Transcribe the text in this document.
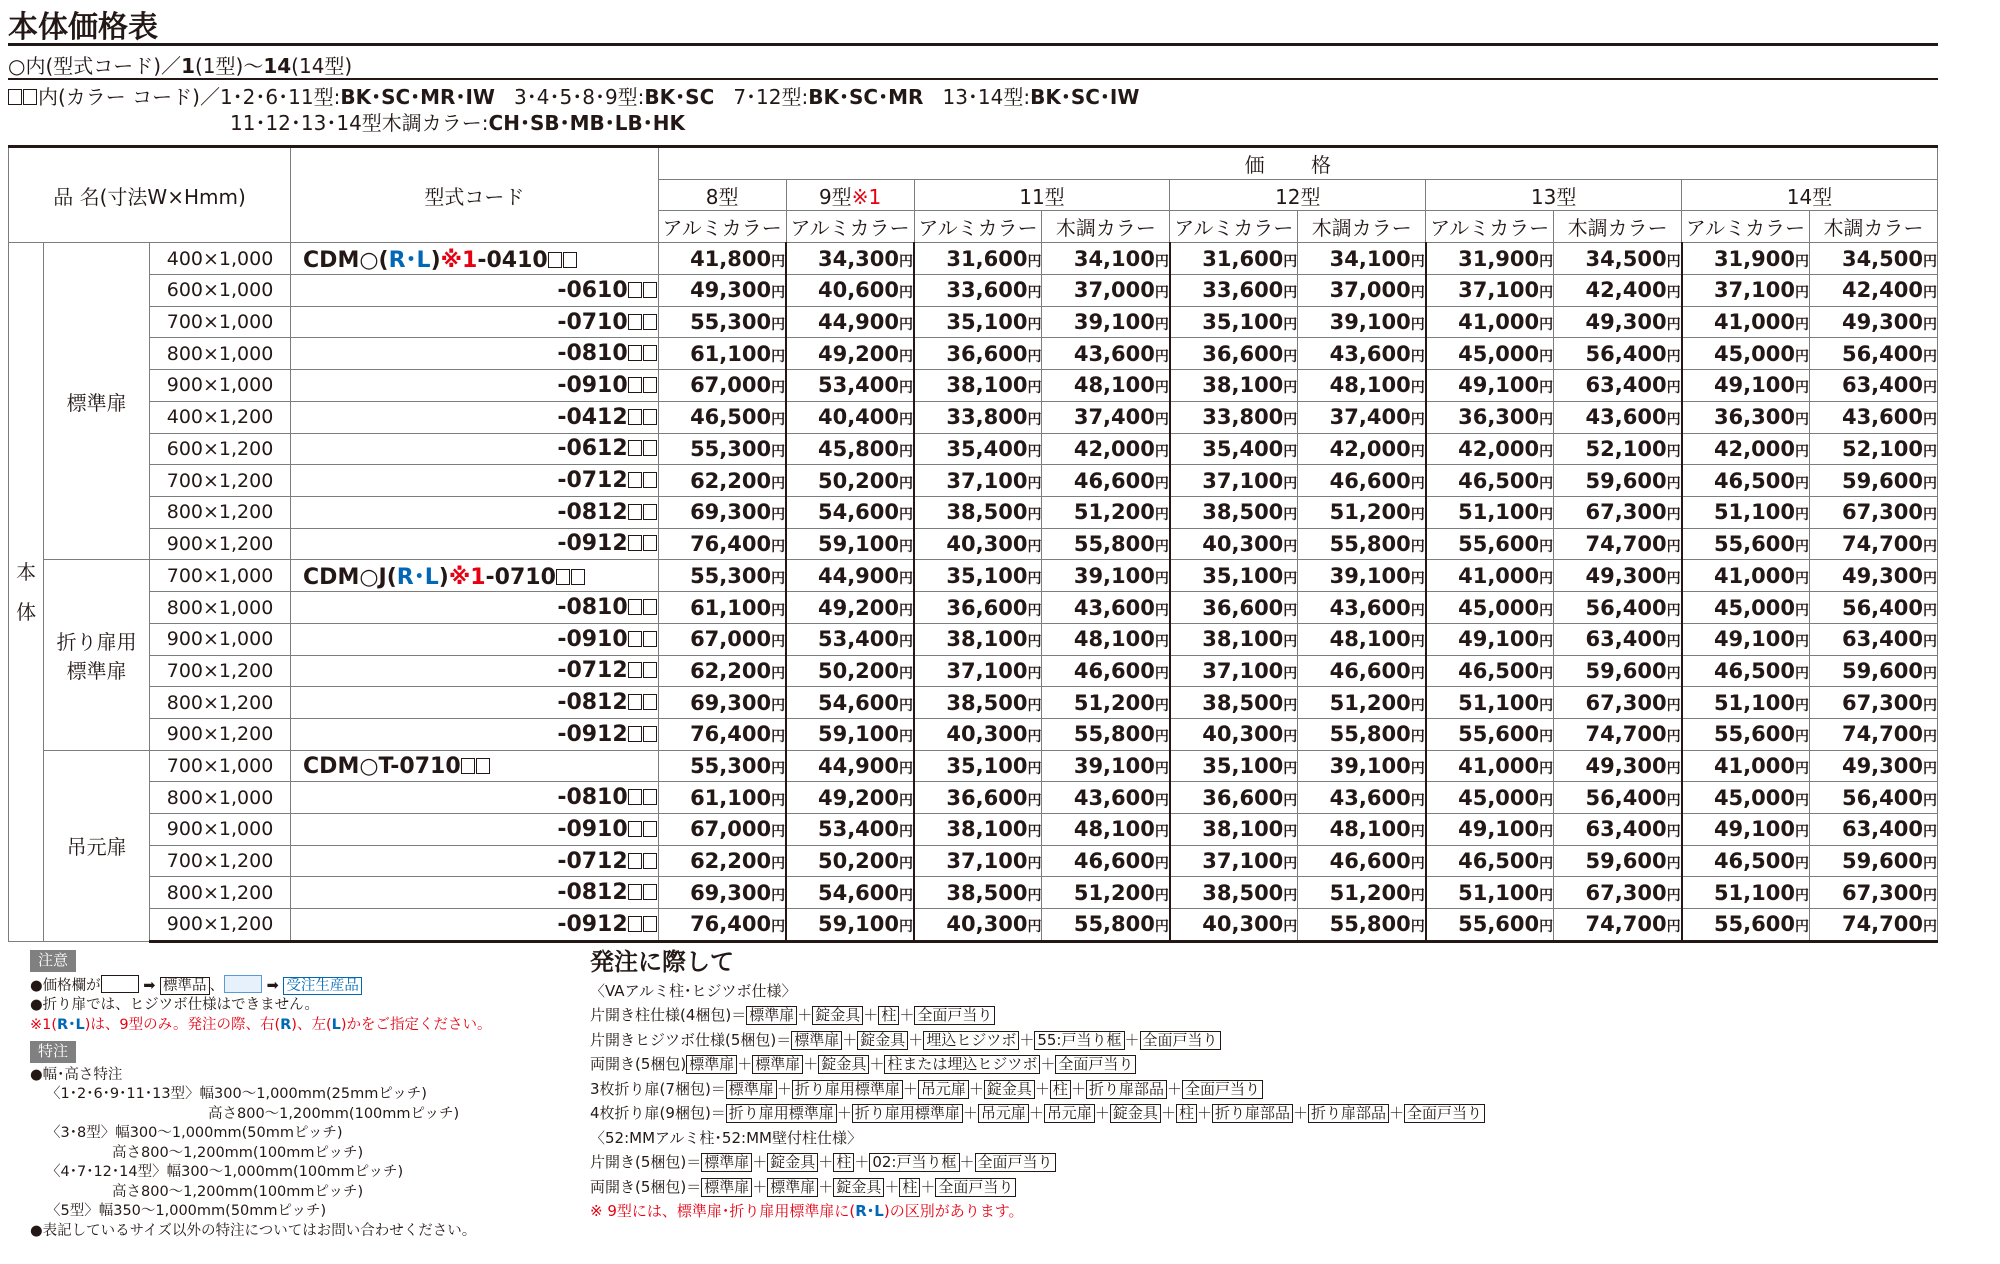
本体価格表
○内(型式コード)／1(1型)～14(14型)
内(カラー コード)／1･2･6･11型:BK･SC･MR･IW 3･4･5･8･9型:BK･SC 7･12型:BK･SC･MR 13･14型:BK･SC･IW
11･12･13･14型木調カラー:CH･SB･MB･LB･HK
品 名(寸法W×Hmm)			型式コード	価 格									
				8型	9型※1	11型		12型		13型		14型	
				アルミカラー	アルミカラー	アルミカラー	木調カラー	アルミカラー	木調カラー	アルミカラー	木調カラー	アルミカラー	木調カラー
本
体	標準扉	400×1,000	CDM○(R･L)※1-0410	41,800円	34,300円	31,600円	34,100円	31,600円	34,100円	31,900円	34,500円	31,900円	34,500円
		600×1,000	-0610	49,300円	40,600円	33,600円	37,000円	33,600円	37,000円	37,100円	42,400円	37,100円	42,400円
		700×1,000	-0710	55,300円	44,900円	35,100円	39,100円	35,100円	39,100円	41,000円	49,300円	41,000円	49,300円
		800×1,000	-0810	61,100円	49,200円	36,600円	43,600円	36,600円	43,600円	45,000円	56,400円	45,000円	56,400円
		900×1,000	-0910	67,000円	53,400円	38,100円	48,100円	38,100円	48,100円	49,100円	63,400円	49,100円	63,400円
		400×1,200	-0412	46,500円	40,400円	33,800円	37,400円	33,800円	37,400円	36,300円	43,600円	36,300円	43,600円
		600×1,200	-0612	55,300円	45,800円	35,400円	42,000円	35,400円	42,000円	42,000円	52,100円	42,000円	52,100円
		700×1,200	-0712	62,200円	50,200円	37,100円	46,600円	37,100円	46,600円	46,500円	59,600円	46,500円	59,600円
		800×1,200	-0812	69,300円	54,600円	38,500円	51,200円	38,500円	51,200円	51,100円	67,300円	51,100円	67,300円
		900×1,200	-0912	76,400円	59,100円	40,300円	55,800円	40,300円	55,800円	55,600円	74,700円	55,600円	74,700円
	折り扉用
標準扉	700×1,000	CDM○J(R･L)※1-0710	55,300円	44,900円	35,100円	39,100円	35,100円	39,100円	41,000円	49,300円	41,000円	49,300円
		800×1,000	-0810	61,100円	49,200円	36,600円	43,600円	36,600円	43,600円	45,000円	56,400円	45,000円	56,400円
		900×1,000	-0910	67,000円	53,400円	38,100円	48,100円	38,100円	48,100円	49,100円	63,400円	49,100円	63,400円
		700×1,200	-0712	62,200円	50,200円	37,100円	46,600円	37,100円	46,600円	46,500円	59,600円	46,500円	59,600円
		800×1,200	-0812	69,300円	54,600円	38,500円	51,200円	38,500円	51,200円	51,100円	67,300円	51,100円	67,300円
		900×1,200	-0912	76,400円	59,100円	40,300円	55,800円	40,300円	55,800円	55,600円	74,700円	55,600円	74,700円
	吊元扉	700×1,000	CDM○T-0710	55,300円	44,900円	35,100円	39,100円	35,100円	39,100円	41,000円	49,300円	41,000円	49,300円
		800×1,000	-0810	61,100円	49,200円	36,600円	43,600円	36,600円	43,600円	45,000円	56,400円	45,000円	56,400円
		900×1,000	-0910	67,000円	53,400円	38,100円	48,100円	38,100円	48,100円	49,100円	63,400円	49,100円	63,400円
		700×1,200	-0712	62,200円	50,200円	37,100円	46,600円	37,100円	46,600円	46,500円	59,600円	46,500円	59,600円
		800×1,200	-0812	69,300円	54,600円	38,500円	51,200円	38,500円	51,200円	51,100円	67,300円	51,100円	67,300円
		900×1,200	-0912	76,400円	59,100円	40,300円	55,800円	40,300円	55,800円	55,600円	74,700円	55,600円	74,700円
注意
●価格欄が	➡ 標準品 、	➡ 受注生産品
●折り扉では、ヒジツボ仕様はできません。
※1(R･L)は、9型のみ。発注の際、右(R)、左(L)かをご指定ください。
特注
●幅･高さ特注
〈1･2･6･9･11･13型〉幅300～1,000mm(25mmピッチ)
高さ800～1,200mm(100mmピッチ)
〈3･8型〉幅300～1,000mm(50mmピッチ)
高さ800～1,200mm(100mmピッチ)
〈4･7･12･14型〉幅300～1,000mm(100mmピッチ)
高さ800～1,200mm(100mmピッチ)
〈5型〉幅350～1,000mm(50mmピッチ)
●表記しているサイズ以外の特注についてはお問い合わせください。
発注に際して
〈VAアルミ柱･ヒジツボ仕様〉
片開き柱仕様(4梱包)＝ 標準扉 ＋ 錠金具 ＋ 柱 ＋ 全面戸当り
片開きヒジツボ仕様(5梱包)＝ 標準扉 ＋ 錠金具 ＋ 埋込ヒジツボ ＋ 55:戸当り框 ＋ 全面戸当り
両開き(5梱包) 標準扉 ＋ 標準扉 ＋ 錠金具 ＋ 柱または埋込ヒジツボ ＋ 全面戸当り
3枚折り扉(7梱包)＝ 標準扉 ＋ 折り扉用標準扉 ＋ 吊元扉 ＋ 錠金具 ＋ 柱 ＋ 折り扉部品 ＋ 全面戸当り
4枚折り扉(9梱包)＝ 折り扉用標準扉 ＋ 折り扉用標準扉 ＋ 吊元扉 ＋ 吊元扉 ＋ 錠金具 ＋ 柱 ＋ 折り扉部品 ＋ 折り扉部品 ＋ 全面戸当り
〈52:MMアルミ柱･52:MM壁付柱仕様〉
片開き(5梱包)＝ 標準扉 ＋ 錠金具 ＋ 柱 ＋ 02:戸当り框 ＋ 全面戸当り
両開き(5梱包)＝ 標準扉 ＋ 標準扉 ＋ 錠金具 ＋ 柱 ＋ 全面戸当り
※ 9型には、標準扉･折り扉用標準扉に(R･L)の区別があります。
